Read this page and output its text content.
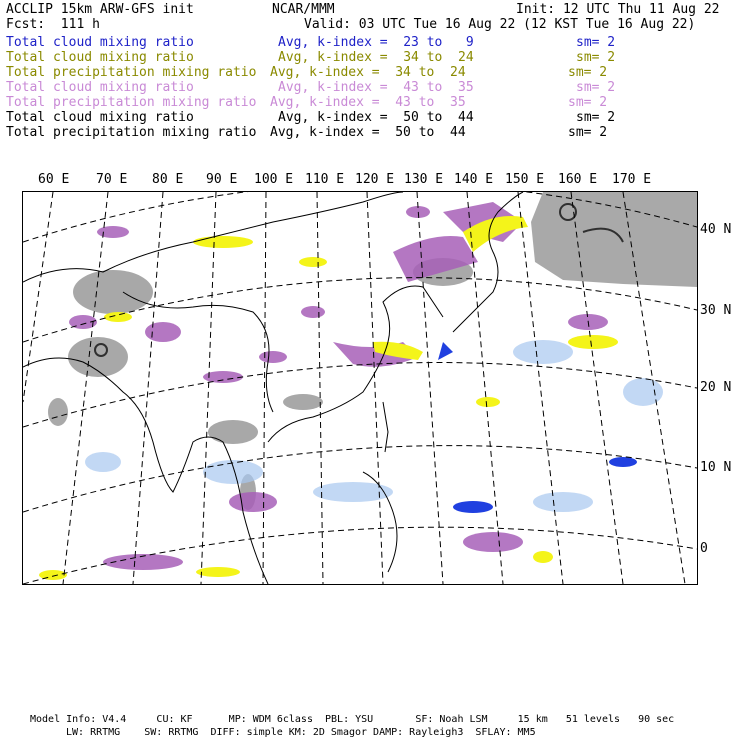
ACCLIP 15km ARW-GFS init	NCAR/MMM	Init: 12 UTC Thu 11 Aug 22
Fcst:  111 h	Valid: 03 UTC Tue 16 Aug 22 (12 KST Tue 16 Aug 22)
Total cloud mixing ratio	Avg, k-index =  23 to   9	sm= 2
Total cloud mixing ratio	Avg, k-index =  34 to  24	sm= 2
Total precipitation mixing ratio Avg, k-index =  34 to  24	sm= 2
Total cloud mixing ratio	Avg, k-index =  43 to  35	sm= 2
Total precipitation mixing ratio Avg, k-index =  43 to  35	sm= 2
Total cloud mixing ratio	Avg, k-index =  50 to  44	sm= 2
Total precipitation mixing ratio Avg, k-index =  50 to  44	sm= 2
60 E 70 E 80 E 90 E 100 E 110 E 120 E 130 E 140 E 150 E 160 E 170 E
40 N
30 N
20 N
10 N
0
Model Info: V4.4     CU: KF      MP: WDM 6class  PBL: YSU       SF: Noah LSM     15 km   51 levels   90 sec
LW: RRTMG    SW: RRTMG  DIFF: simple KM: 2D Smagor DAMP: Rayleigh3  SFLAY: MM5
